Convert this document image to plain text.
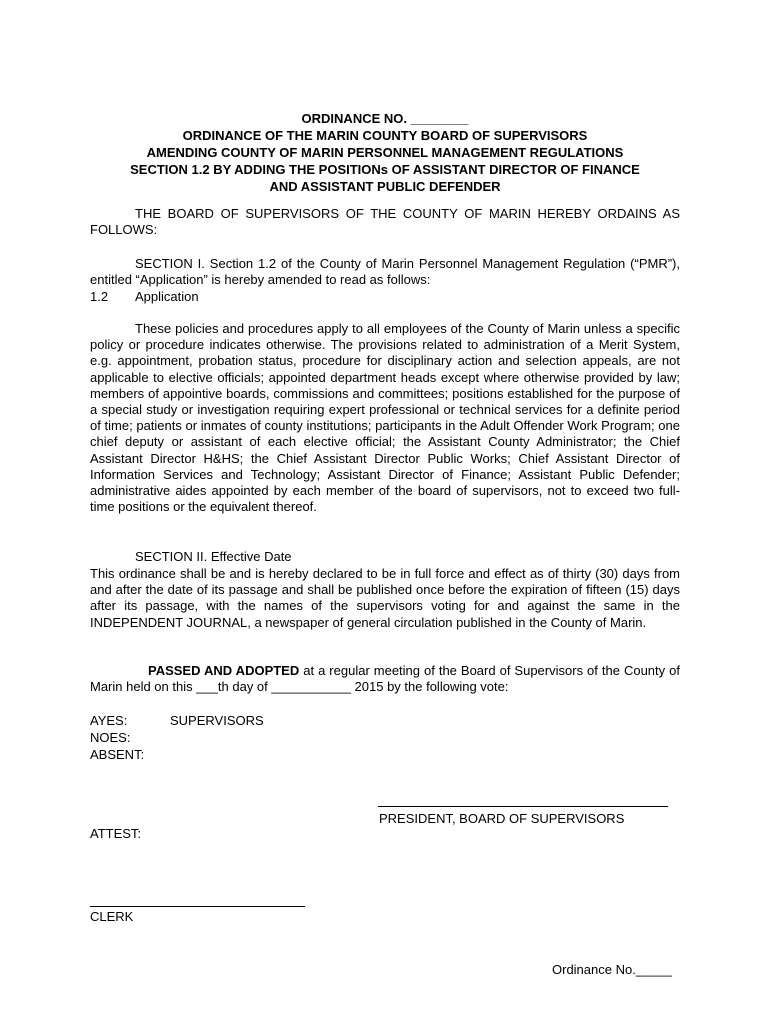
ORDINANCE NO. ________
ORDINANCE OF THE MARIN COUNTY BOARD OF SUPERVISORS
AMENDING COUNTY OF MARIN PERSONNEL MANAGEMENT REGULATIONS
SECTION 1.2 BY ADDING THE POSITIONs OF ASSISTANT DIRECTOR OF FINANCE
AND ASSISTANT PUBLIC DEFENDER
THE BOARD OF SUPERVISORS OF THE COUNTY OF MARIN HEREBY ORDAINS AS FOLLOWS:
SECTION I. Section 1.2 of the County of Marin Personnel Management Regulation (“PMR”), entitled “Application” is hereby amended to read as follows:
1.2 Application
These policies and procedures apply to all employees of the County of Marin unless a specific policy or procedure indicates otherwise. The provisions related to administration of a Merit System, e.g. appointment, probation status, procedure for disciplinary action and selection appeals, are not applicable to elective officials; appointed department heads except where otherwise provided by law; members of appointive boards, commissions and committees; positions established for the purpose of a special study or investigation requiring expert professional or technical services for a definite period of time; patients or inmates of county institutions; participants in the Adult Offender Work Program; one chief deputy or assistant of each elective official; the Assistant County Administrator; the Chief Assistant Director H&HS; the Chief Assistant Director Public Works; Chief Assistant Director of Information Services and Technology; Assistant Director of Finance; Assistant Public Defender; administrative aides appointed by each member of the board of supervisors, not to exceed two full-time positions or the equivalent thereof.
SECTION II. Effective Date
This ordinance shall be and is hereby declared to be in full force and effect as of thirty (30) days from and after the date of its passage and shall be published once before the expiration of fifteen (15) days after its passage, with the names of the supervisors voting for and against the same in the INDEPENDENT JOURNAL, a newspaper of general circulation published in the County of Marin.
PASSED AND ADOPTED at a regular meeting of the Board of Supervisors of the County of Marin held on this ___th day of ___________ 2015 by the following vote:
AYES:	SUPERVISORS
NOES:
ABSENT:
PRESIDENT, BOARD OF SUPERVISORS
ATTEST:
CLERK
Ordinance No._____
